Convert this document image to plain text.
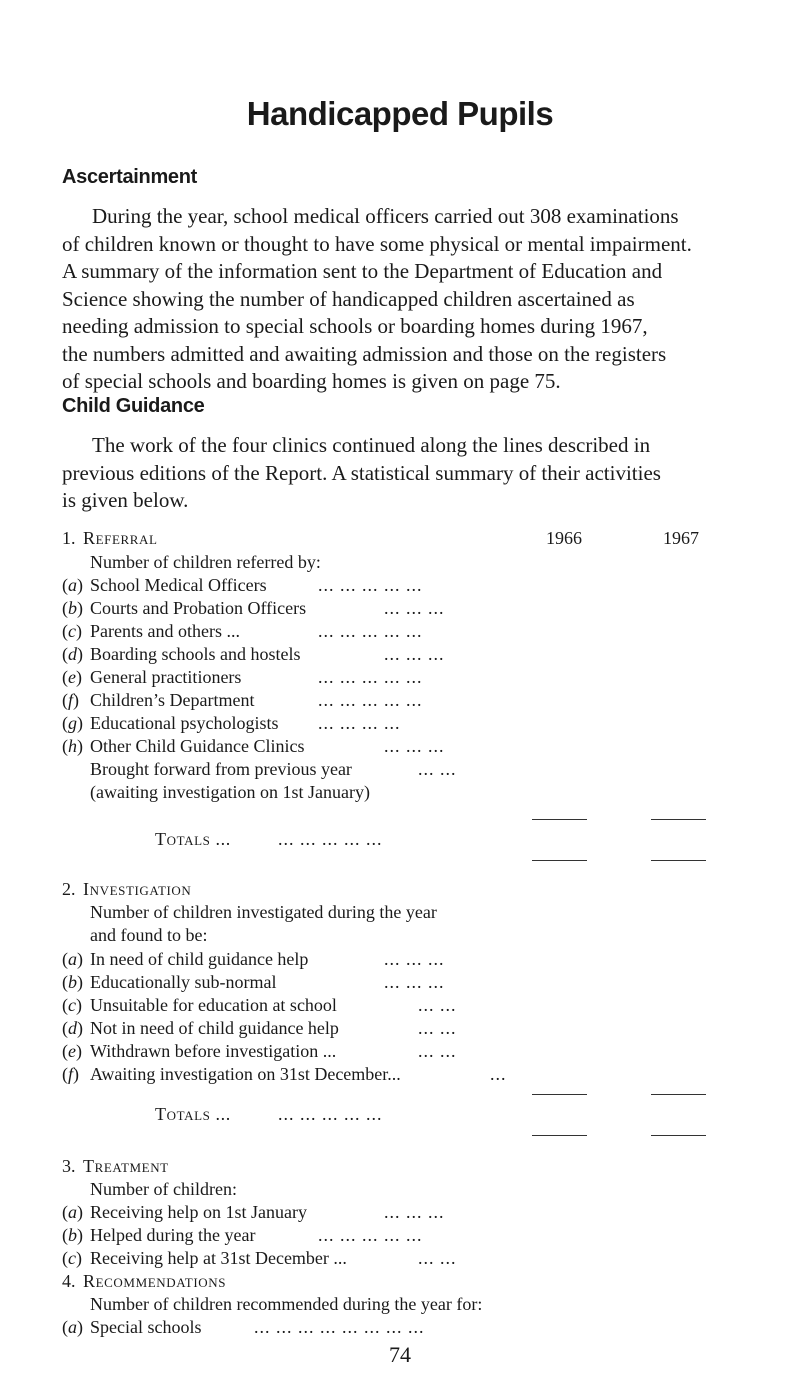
Handicapped Pupils
Ascertainment
During the year, school medical officers carried out 308 examinations
of children known or thought to have some physical or mental impairment.
A summary of the information sent to the Department of Education and
Science showing the number of handicapped children ascertained as
needing admission to special schools or boarding homes during 1967,
the numbers admitted and awaiting admission and those on the registers
of special schools and boarding homes is given on page 75.
Child Guidance
The work of the four clinics continued along the lines described in
previous editions of the Report. A statistical summary of their activities
is given below.
1. Referral	1966	1967
Number of children referred by:
(a) School Medical Officers	... ... ... ... ...
(b) Courts and Probation Officers	... ... ...
(c) Parents and others ...	... ... ... ... ...
(d) Boarding schools and hostels	... ... ...
(e) General practitioners	... ... ... ... ...
(f) Children’s Department	... ... ... ... ...
(g) Educational psychologists ... ... ... ...
(h) Other Child Guidance Clinics	... ... ...
Brought forward from previous year	... ...
(awaiting investigation on 1st January)
Totals ...	... ... ... ... ...
2. Investigation
Number of children investigated during the year
and found to be:
(a) In need of child guidance help	... ... ...
(b) Educationally sub-normal	... ... ...
(c) Unsuitable for education at school	... ...
(d) Not in need of child guidance help	... ...
(e) Withdrawn before investigation ...	... ...
(f) Awaiting investigation on 31st December...	...
Totals ...	... ... ... ... ...
3. Treatment
Number of children:
(a) Receiving help on 1st January	... ... ...
(b) Helped during the year	... ... ... ... ...
(c) Receiving help at 31st December ...	... ...
4. Recommendations
Number of children recommended during the year for:
(a) Special schools	... ... ... ... ... ... ... ...
74
